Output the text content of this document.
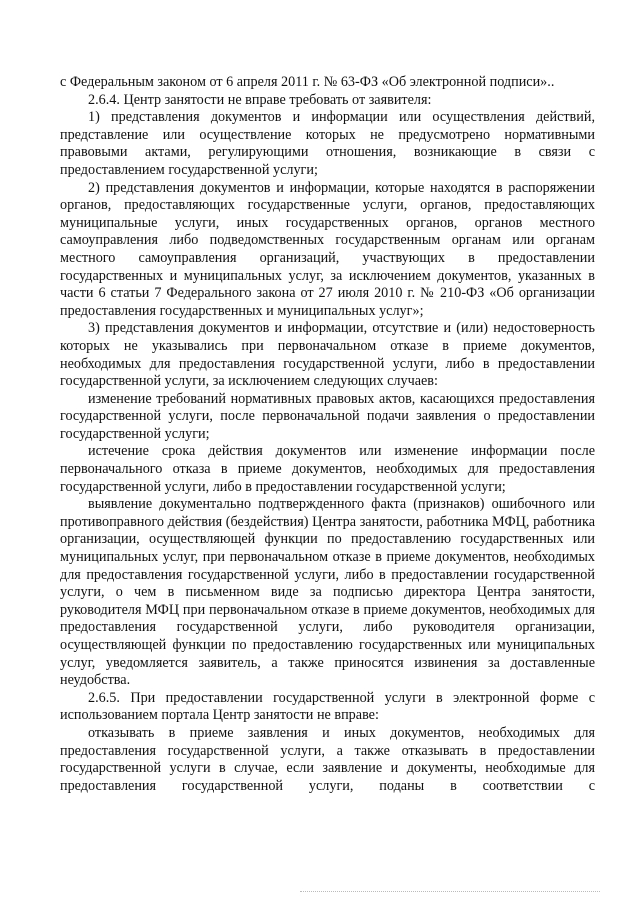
с Федеральным законом от 6 апреля 2011 г. № 63-ФЗ «Об электронной подписи»..

2.6.4. Центр занятости не вправе требовать от заявителя:

1) представления документов и информации или осуществления действий, представление или осуществление которых не предусмотрено нормативными правовыми актами, регулирующими отношения, возникающие в связи с предоставлением государственной услуги;

2) представления документов и информации, которые находятся в распоряжении органов, предоставляющих государственные услуги, органов, предоставляющих муниципальные услуги, иных государственных органов, органов местного самоуправления либо подведомственных государственным органам или органам местного самоуправления организаций, участвующих в предоставлении государственных и муниципальных услуг, за исключением документов, указанных в части 6 статьи 7 Федерального закона от 27 июля 2010 г. № 210-ФЗ «Об организации предоставления государственных и муниципальных услуг»;

3) представления документов и информации, отсутствие и (или) недостоверность которых не указывались при первоначальном отказе в приеме документов, необходимых для предоставления государственной услуги, либо в предоставлении государственной услуги, за исключением следующих случаев:

изменение требований нормативных правовых актов, касающихся предоставления государственной услуги, после первоначальной подачи заявления о предоставлении государственной услуги;

истечение срока действия документов или изменение информации после первоначального отказа в приеме документов, необходимых для предоставления государственной услуги, либо в предоставлении государственной услуги;

выявление документально подтвержденного факта (признаков) ошибочного или противоправного действия (бездействия) Центра занятости, работника МФЦ, работника организации, осуществляющей функции по предоставлению государственных или муниципальных услуг, при первоначальном отказе в приеме документов, необходимых для предоставления государственной услуги, либо в предоставлении государственной услуги, о чем в письменном виде за подписью директора Центра занятости, руководителя МФЦ при первоначальном отказе в приеме документов, необходимых для предоставления государственной услуги, либо руководителя организации, осуществляющей функции по предоставлению государственных или муниципальных услуг, уведомляется заявитель, а также приносятся извинения за доставленные неудобства.

2.6.5. При предоставлении государственной услуги в электронной форме с использованием портала Центр занятости не вправе:

отказывать в приеме заявления и иных документов, необходимых для предоставления государственной услуги, а также отказывать в предоставлении государственной услуги в случае, если заявление и документы, необходимые для предоставления государственной услуги, поданы в соответствии с
